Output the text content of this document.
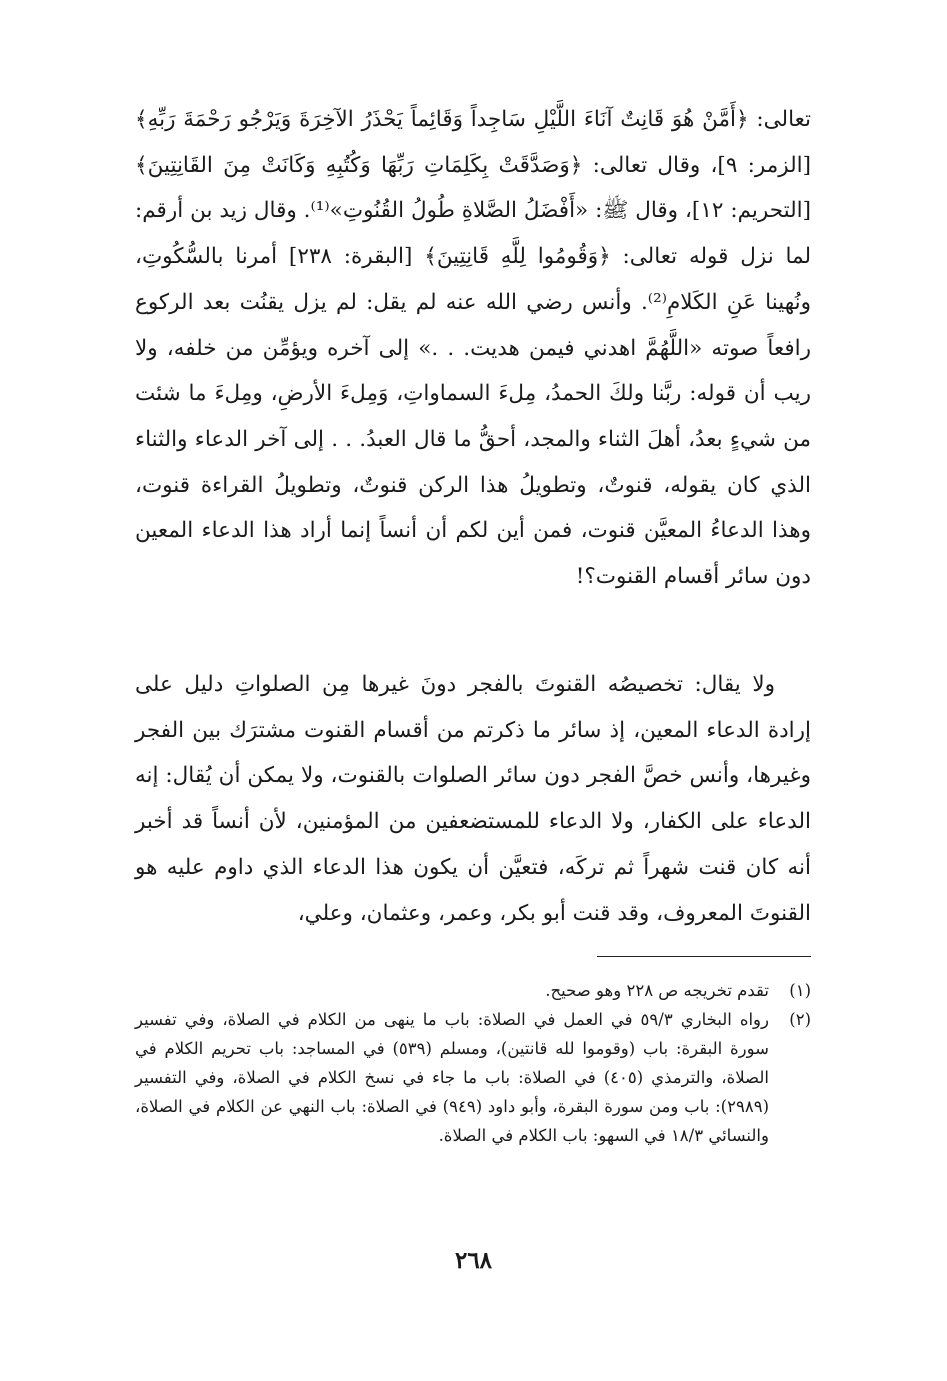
تعالى: ﴿أَمَّنْ هُوَ قَانِتٌ آنَاءَ اللَّيْلِ سَاجِداً وَقَائِماً يَحْذَرُ الآخِرَةَ وَيَرْجُو رَحْمَةَ رَبِّهِ﴾ [الزمر: ٩]، وقال تعالى: ﴿وَصَدَّقَتْ بِكَلِمَاتِ رَبِّهَا وَكُتُبِهِ وَكَانَتْ مِنَ القَانِتِينَ﴾ [التحريم: ١٢]، وقال ﷺ: «أَفْضَلُ الصَّلاةِ طُولُ القُنُوتِ»⁽¹⁾. وقال زيد بن أرقم: لما نزل قوله تعالى: ﴿وَقُومُوا لِلَّهِ قَانِتِينَ﴾ [البقرة: ٢٣٨] أمرنا بالسُّكُوتِ، ونُهينا عَنِ الكَلامِ⁽²⁾. وأنس رضي الله عنه لم يقل: لم يزل يقنُت بعد الركوع رافعاً صوته «اللَّهُمَّ اهدني فيمن هديت. . .» إلى آخره ويؤمِّن من خلفه، ولا ريب أن قوله: ربَّنا ولكَ الحمدُ، مِلءَ السماواتِ، وَمِلءَ الأرضِ، ومِلءَ ما شئت من شيءٍ بعدُ، أهلَ الثناء والمجد، أحقُّ ما قال العبدُ. . . إلى آخر الدعاء والثناء الذي كان يقوله، قنوتٌ، وتطويلُ هذا الركن قنوتٌ، وتطويلُ القراءة قنوت، وهذا الدعاءُ المعيَّن قنوت، فمن أين لكم أن أنساً إنما أراد هذا الدعاء المعين دون سائر أقسام القنوت؟!

ولا يقال: تخصيصُه القنوتَ بالفجر دونَ غيرها مِن الصلواتِ دليل على إرادة الدعاء المعين، إذ سائر ما ذكرتم من أقسام القنوت مشترَك بين الفجر وغيرها، وأنس خصَّ الفجر دون سائر الصلوات بالقنوت، ولا يمكن أن يُقال: إنه الدعاء على الكفار، ولا الدعاء للمستضعفين من المؤمنين، لأن أنساً قد أخبر أنه كان قنت شهراً ثم تركَه، فتعيَّن أن يكون هذا الدعاء الذي داوم عليه هو القنوتَ المعروف، وقد قنت أبو بكر، وعمر، وعثمان، وعلي،

(١)
تقدم تخريجه ص ٢٢٨ وهو صحيح.
(٢)
رواه البخاري ٥٩/٣ في العمل في الصلاة: باب ما ينهى من الكلام في الصلاة، وفي تفسير سورة البقرة: باب (وقوموا لله قانتين)، ومسلم (٥٣٩) في المساجد: باب تحريم الكلام في الصلاة، والترمذي (٤٠٥) في الصلاة: باب ما جاء في نسخ الكلام في الصلاة، وفي التفسير (٢٩٨٩): باب ومن سورة البقرة، وأبو داود (٩٤٩) في الصلاة: باب النهي عن الكلام في الصلاة، والنسائي ١٨/٣ في السهو: باب الكلام في الصلاة.
٢٦٨
